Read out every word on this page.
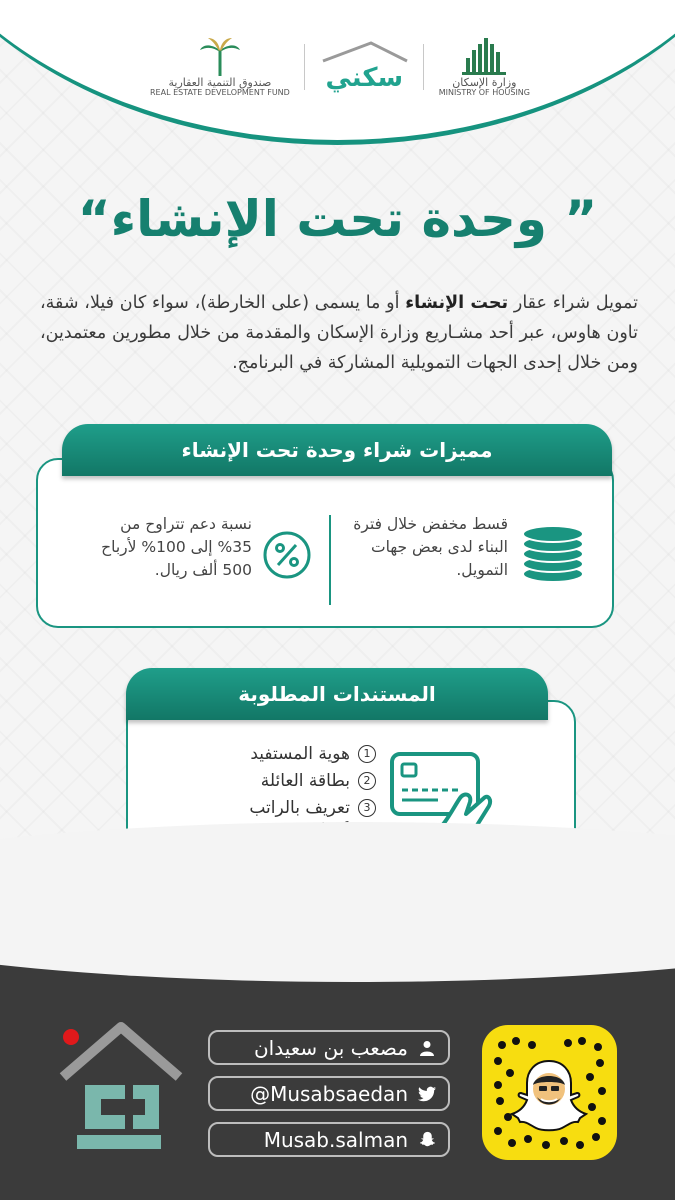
صندوق التنمية العقارية
REAL ESTATE DEVELOPMENT FUND سكني	وزارة الإسكان
MINISTRY OF HOUSING
” وحدة تحت الإنشاء“

تمويل شراء عقار تحت الإنشاء أو ما يسمى (على الخارطة)، سواء كان فيلا، شقة، تاون هاوس، عبر أحد مشـاريع وزارة الإسكان والمقدمة من خلال مطورين معتمدين، ومن خلال إحدى الجهات التمويلية المشاركة في البرنامج.

مميزات شراء وحدة تحت الإنشاء
قسط مخفض خلال فترة البناء لدى بعض جهات التمويل.
نسبة دعم تتراوح من 35% إلى 100% لأرباح 500 ألف ريال.
المستندات المطلوبة
1
هوية المستفيد
2
بطاقة العائلة
3
تعريف بالراتب
مصعب بن سعيدان
@Musabsaedan
Musab.salman
